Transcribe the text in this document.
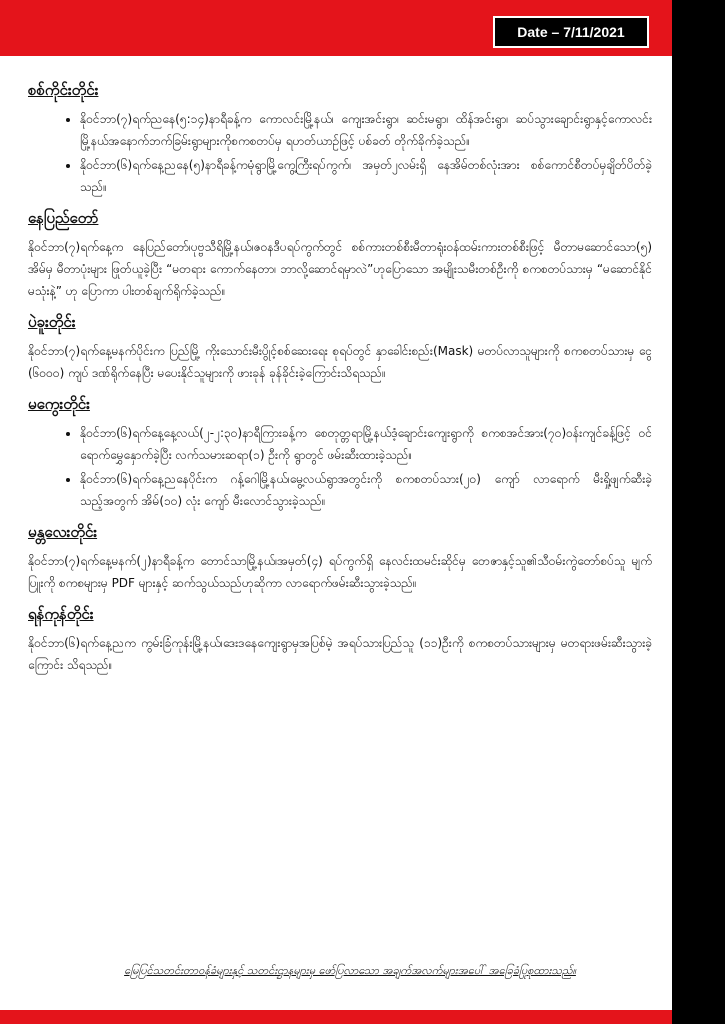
Date – 7/11/2021
စစ်ကိုင်းတိုင်း
• နိုဝင်ဘာ(၇)ရက်ညနေ(၅:၁၄)နာရီခန့်က ကောလင်းမြို့နယ်၊ ကျေးအင်းရွာ၊ ဆင်းမရွာ၊ ထိန်အင်းရွာ၊ ဆပ်သွားချောင်းရွာနှင့်ကောလင်းမြို့နယ်အနောက်ဘက်ခြမ်းရွာများကိုစကစတပ်မှ ရဟတ်ယာဉ်ဖြင့် ပစ်ခတ် တိုက်ခိုက်ခဲ့သည်။
• နိုဝင်ဘာ(၆)ရက်နေ့ညနေ(၅)နာရီခန့်ကမုံရွာမြို့ကွေ့ကြီးရပ်ကွက်၊ အမှတ်၂လမ်းရှိ နေအိမ်တစ်လုံးအား စစ်ကောင်စီတပ်မှချိတ်ပိတ်ခဲ့သည်။
နေပြည်တော်

နိုဝင်ဘာ(၇)ရက်နေ့က နေပြည်တော်၊ပုဗ္ဗသီရိမြို့နယ်၊ဇဝနဒီပရပ်ကွက်တွင် စစ်ကားတစ်စီးမီတာရုံးဝန်ထမ်းကားတစ်စီးဖြင့် မီတာမဆောင်သော(၅) အိမ်မှ မီတာပုံးများ ဖြုတ်ယူခဲ့ပြီး “မတရား ကောက်နေတာ၊ ဘာလို့ဆောင်ရမှာလဲ”ဟုပြောသော အမျိုးသမီးတစ်ဦးကို စကစတပ်သားမှ “မဆောင်နိုင်မသုံးနဲ့” ဟု ပြောကာ ပါးတစ်ချက်ရိုက်ခဲ့သည်။

ပဲခူးတိုင်း

နိုဝင်ဘာ(၇)ရက်နေ့မနက်ပိုင်းက ပြည်မြို့ ကိုးသောင်းမီးပွိုင့်စစ်ဆေးရေး စုရပ်တွင် နှာခေါင်းစည်း(Mask) မတပ်လာသူများကို စကစတပ်သားမှ ငွေ (၆၀၀၀) ကျပ် ဒဏ်ရိုက်နေပြီး မပေးနိုင်သူများကို ဖားခုန် ခုန်ခိုင်းခဲ့ကြောင်းသိရသည်။

မကွေးတိုင်း
• နိုဝင်ဘာ(၆)ရက်နေ့နေ့လယ်(၂-၂:၃၀)နာရီကြားခန့်က စေတုတ္တရာမြို့နယ်ဒံ့ချောင်းကျေးရွာကို စကစအင်အား(၇၀)ဝန်းကျင်ခန့်ဖြင့် ဝင်ရောက်မွှေနှောက်ခဲ့ပြီး လက်သမားဆရာ(၁) ဦးကို ရွာတွင် ဖမ်းဆီးထားခဲ့သည်။
• နိုဝင်ဘာ(၆)ရက်နေ့ညနေပိုင်းက ဂန့်ဂေါမြို့နယ်၊မွေ့လယ်ရွာအတွင်းကို စကစတပ်သား(၂၀) ကျော် လာရောက် မီးရှို့ဖျက်ဆီးခဲ့သည့်အတွက် အိမ်(၁၀) လုံး ကျော် မီးလောင်သွားခဲ့သည်။
မန္တလေးတိုင်း

နိုဝင်ဘာ(၇)ရက်နေ့မနက်(၂)နာရီခန့်က တောင်သာမြို့နယ်၊အမှတ်(၄) ရပ်ကွက်ရှိ နေလင်းထမင်းဆိုင်မှ တေဇာနှင့်သူ၏သီဝမ်းကွဲတော်စပ်သူ မျက်ပြူးကို စကစများမှ PDF များနှင့် ဆက်သွယ်သည်ဟုဆိုကာ လာရောက်ဖမ်းဆီးသွားခဲ့သည်။

ရန်ကုန်တိုင်း

နိုဝင်ဘာ(၆)ရက်နေ့ညက ကွမ်းခြံကုန်းမြို့နယ်၊ဒေးဒနေကျေးရွာမှအပြစ်မဲ့ အရပ်သားပြည်သူ (၁၁)ဦးကို စကစတပ်သားများမှ မတရားဖမ်းဆီးသွားခဲ့ကြောင်း သိရသည်။

မြေပြင်သတင်းတာဝန်ခံများနှင့် သတင်းဌာနများမှ ဖော်ပြလာသော အချက်အလက်များအပေါ် အခြေခံပြုစုထားသည်။
